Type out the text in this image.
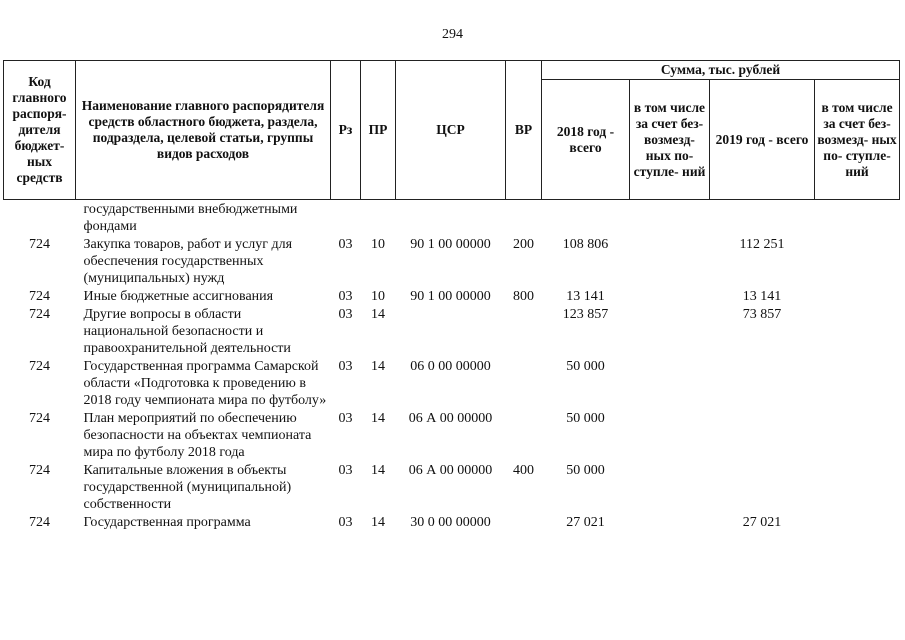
294
Код главного распоря- дителя бюджет- ных средств	Наименование главного распорядителя средств областного бюджета, раздела, подраздела, целевой статьи, группы видов расходов	Рз	ПР	ЦСР	ВР	Сумма, тыс. рублей			
						2018 год - всего	в том числе за счет без- возмезд- ных по- ступле- ний	2019 год - всего	в том числе за счет без- возмезд- ных по- ступле- ний
	государственными внебюджетными фондами								
724	Закупка товаров, работ и услуг для обеспечения государственных (муниципальных) нужд	03	10	90 1 00 00000	200	108 806		112 251	
724	Иные бюджетные ассигнования	03	10	90 1 00 00000	800	13 141		13 141	
724	Другие вопросы в области национальной безопасности и правоохранительной деятельности	03	14			123 857		73 857	
724	Государственная программа Самарской области «Подготовка к проведению в 2018 году чемпионата мира по футболу»	03	14	06 0 00 00000		50 000			
724	План мероприятий по обеспечению безопасности на объектах чемпионата мира по футболу 2018 года	03	14	06 А 00 00000		50 000			
724	Капитальные вложения в объекты государственной (муниципальной) собственности	03	14	06 А 00 00000	400	50 000			
724	Государственная программа	03	14	30 0 00 00000		27 021		27 021	
